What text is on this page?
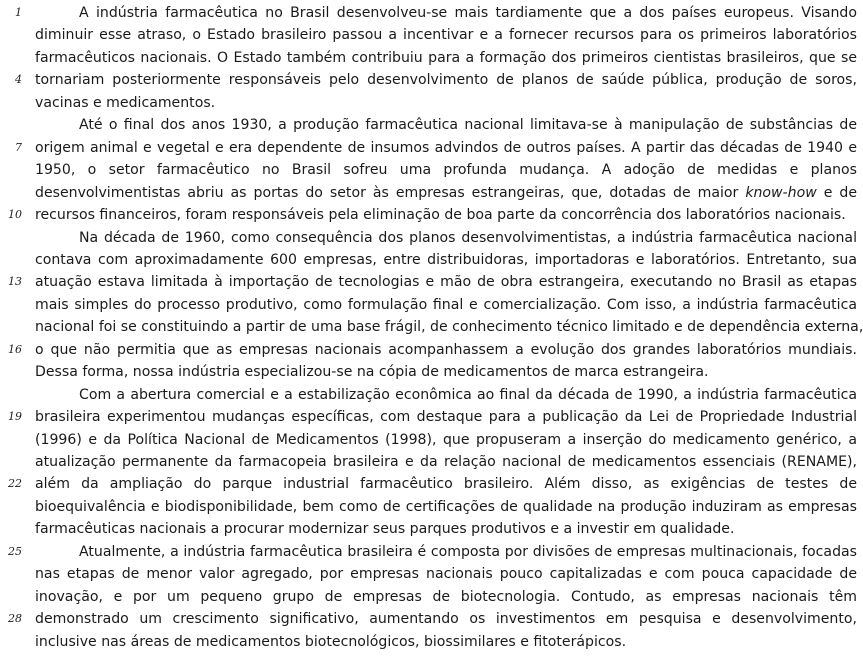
1	A indústria farmacêutica no Brasil desenvolveu-se mais tardiamente que a dos países europeus. Visando
diminuir esse atraso, o Estado brasileiro passou a incentivar e a fornecer recursos para os primeiros laboratórios
farmacêuticos nacionais. O Estado também contribuiu para a formação dos primeiros cientistas brasileiros, que se
4 tornariam posteriormente responsáveis pelo desenvolvimento de planos de saúde pública, produção de soros,
vacinas e medicamentos.
Até o final dos anos 1930, a produção farmacêutica nacional limitava-se à manipulação de substâncias de
7 origem animal e vegetal e era dependente de insumos advindos de outros países. A partir das décadas de 1940 e
1950, o setor farmacêutico no Brasil sofreu uma profunda mudança. A adoção de medidas e planos
desenvolvimentistas abriu as portas do setor às empresas estrangeiras, que, dotadas de maior know-how e de
10 recursos financeiros, foram responsáveis pela eliminação de boa parte da concorrência dos laboratórios nacionais.
Na década de 1960, como consequência dos planos desenvolvimentistas, a indústria farmacêutica nacional
contava com aproximadamente 600 empresas, entre distribuidoras, importadoras e laboratórios. Entretanto, sua
13 atuação estava limitada à importação de tecnologias e mão de obra estrangeira, executando no Brasil as etapas
mais simples do processo produtivo, como formulação final e comercialização. Com isso, a indústria farmacêutica
nacional foi se constituindo a partir de uma base frágil, de conhecimento técnico limitado e de dependência externa,
16 o que não permitia que as empresas nacionais acompanhassem a evolução dos grandes laboratórios mundiais.
Dessa forma, nossa indústria especializou-se na cópia de medicamentos de marca estrangeira.
Com a abertura comercial e a estabilização econômica ao final da década de 1990, a indústria farmacêutica
19 brasileira experimentou mudanças específicas, com destaque para a publicação da Lei de Propriedade Industrial
(1996) e da Política Nacional de Medicamentos (1998), que propuseram a inserção do medicamento genérico, a
atualização permanente da farmacopeia brasileira e da relação nacional de medicamentos essenciais (RENAME),
22 além da ampliação do parque industrial farmacêutico brasileiro. Além disso, as exigências de testes de
bioequivalência e biodisponibilidade, bem como de certificações de qualidade na produção induziram as empresas
farmacêuticas nacionais a procurar modernizar seus parques produtivos e a investir em qualidade.
25	Atualmente, a indústria farmacêutica brasileira é composta por divisões de empresas multinacionais, focadas
nas etapas de menor valor agregado, por empresas nacionais pouco capitalizadas e com pouca capacidade de
inovação, e por um pequeno grupo de empresas de biotecnologia. Contudo, as empresas nacionais têm
28 demonstrado um crescimento significativo, aumentando os investimentos em pesquisa e desenvolvimento,
inclusive nas áreas de medicamentos biotecnológicos, biossimilares e fitoterápicos.
